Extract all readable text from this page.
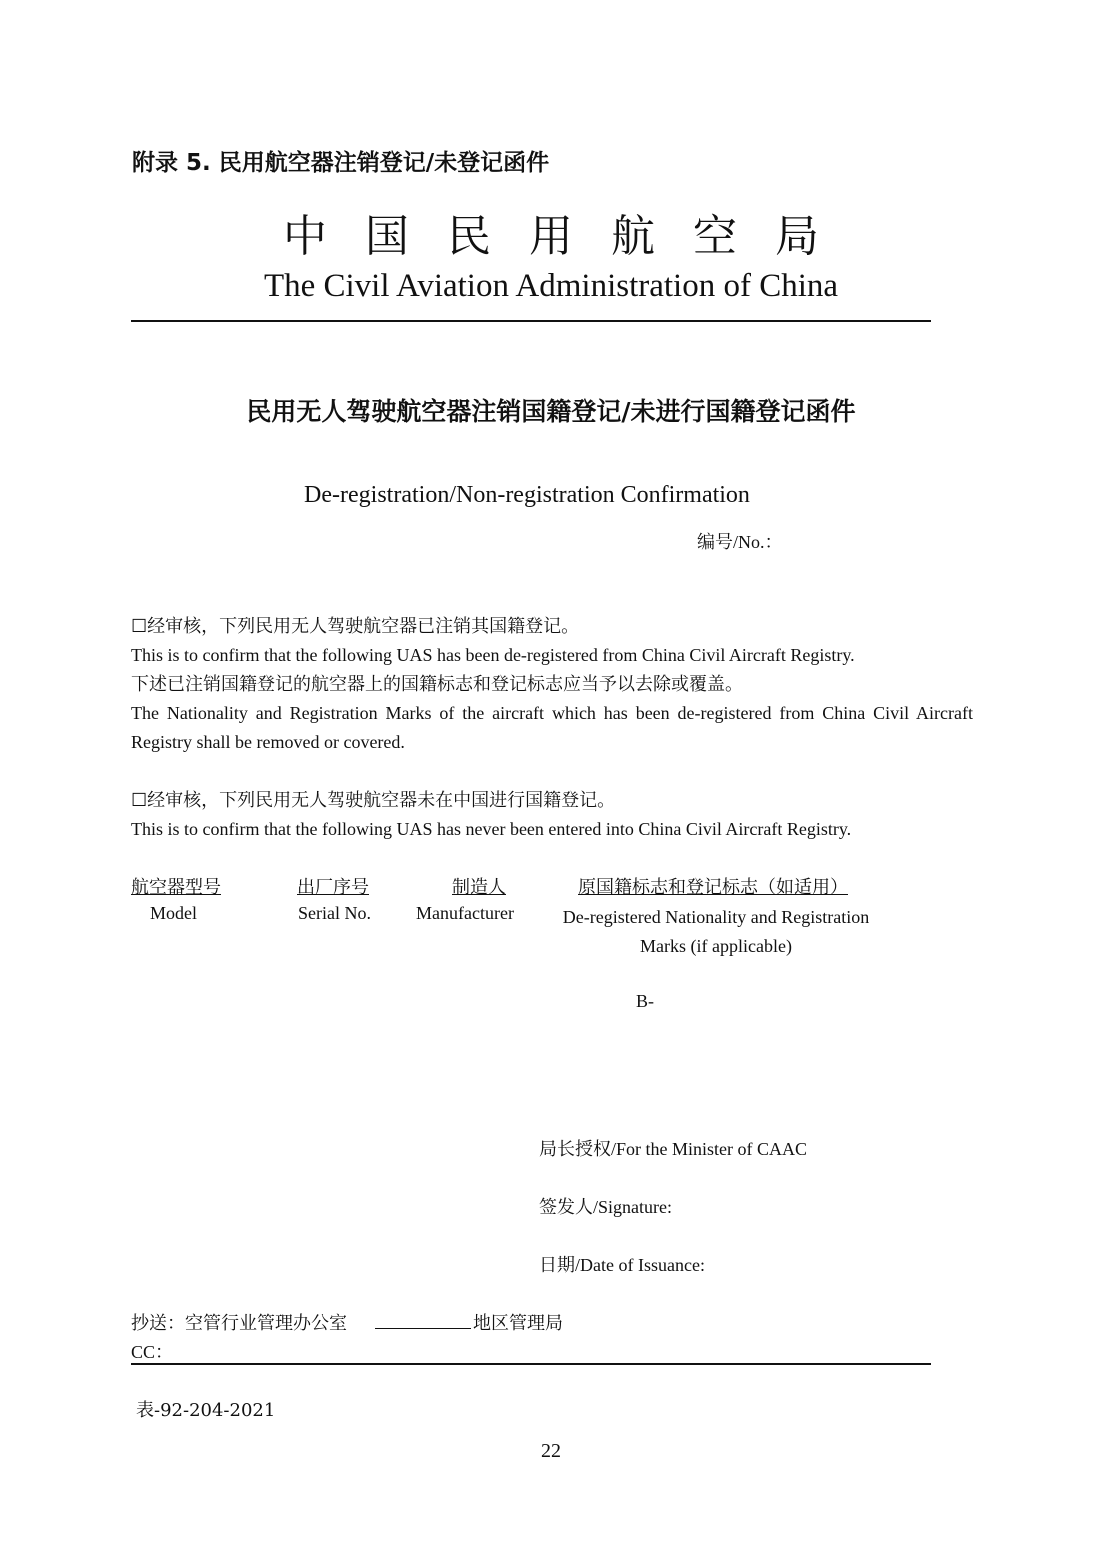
附录 5. 民用航空器注销登记/未登记函件
中国民用航空局
The Civil Aviation Administration of China
民用无人驾驶航空器注销国籍登记/未进行国籍登记函件
De-registration/Non-registration Confirmation
编号/No.：
☐经审核，下列民用无人驾驶航空器已注销其国籍登记。
This is to confirm that the following UAS has been de-registered from China Civil Aircraft Registry.
下述已注销国籍登记的航空器上的国籍标志和登记标志应当予以去除或覆盖。
The Nationality and Registration Marks of the aircraft which has been de-registered from China Civil Aircraft Registry shall be removed or covered.
☐经审核，下列民用无人驾驶航空器未在中国进行国籍登记。
This is to confirm that the following UAS has never been entered into China Civil Aircraft Registry.
航空器型号	出厂序号	制造人	原国籍标志和登记标志（如适用）
Model	Serial No.	Manufacturer	De-registered Nationality and Registration Marks (if applicable)
B-
局长授权/For the Minister of CAAC
签发人/Signature:
日期/Date of Issuance:
抄送：空管行业管理办公室	地区管理局
CC：
表-92-204-2021
22
